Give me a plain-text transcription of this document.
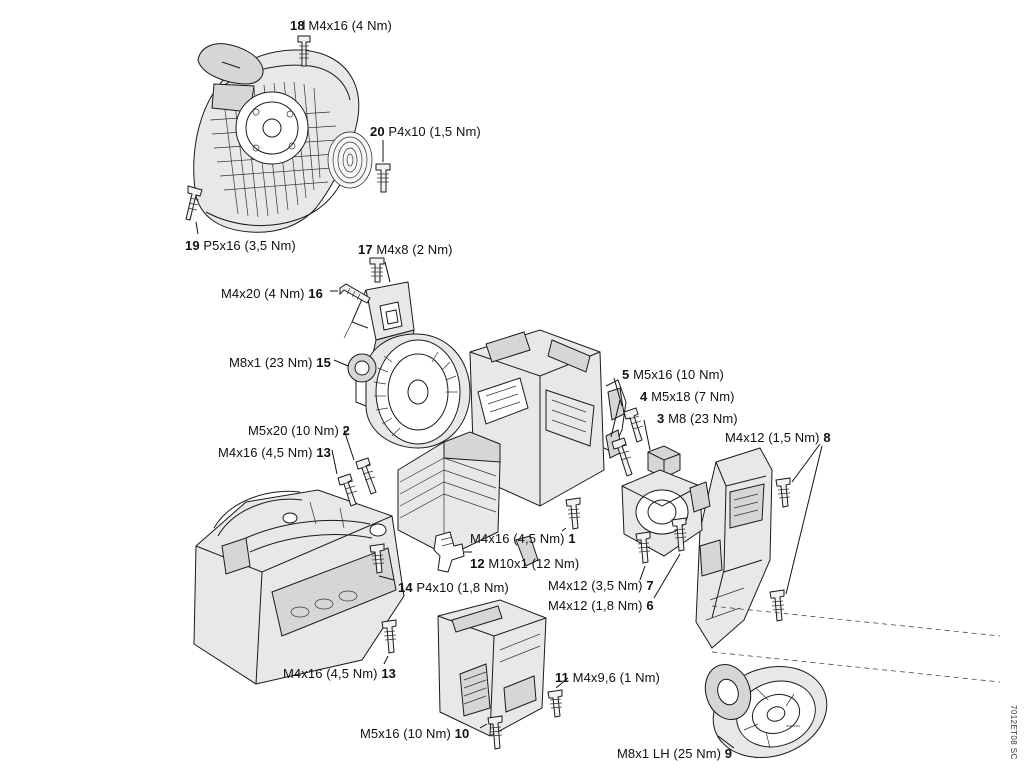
18 M4x16 (4 Nm)
20 P4x10 (1,5 Nm)
19 P5x16 (3,5 Nm)	17 M4x8 (2 Nm)
M4x20 (4 Nm) 16
M8x1 (23 Nm) 15
M5x20 (10 Nm) 2
M4x16 (4,5 Nm) 13
5 M5x16 (10 Nm)
4 M5x18 (7 Nm)
3 M8 (23 Nm)
M4x12 (1,5 Nm) 8
M4x16 (4,5 Nm) 1
12 M10x1 (12 Nm)
M4x12 (3,5 Nm) 7
M4x12 (1,8 Nm) 6
14 P4x10 (1,8 Nm)
M4x16 (4,5 Nm) 13	11 M4x9,6 (1 Nm)
M5x16 (10 Nm) 10
M8x1 LH (25 Nm) 9	7012ET08 SC
